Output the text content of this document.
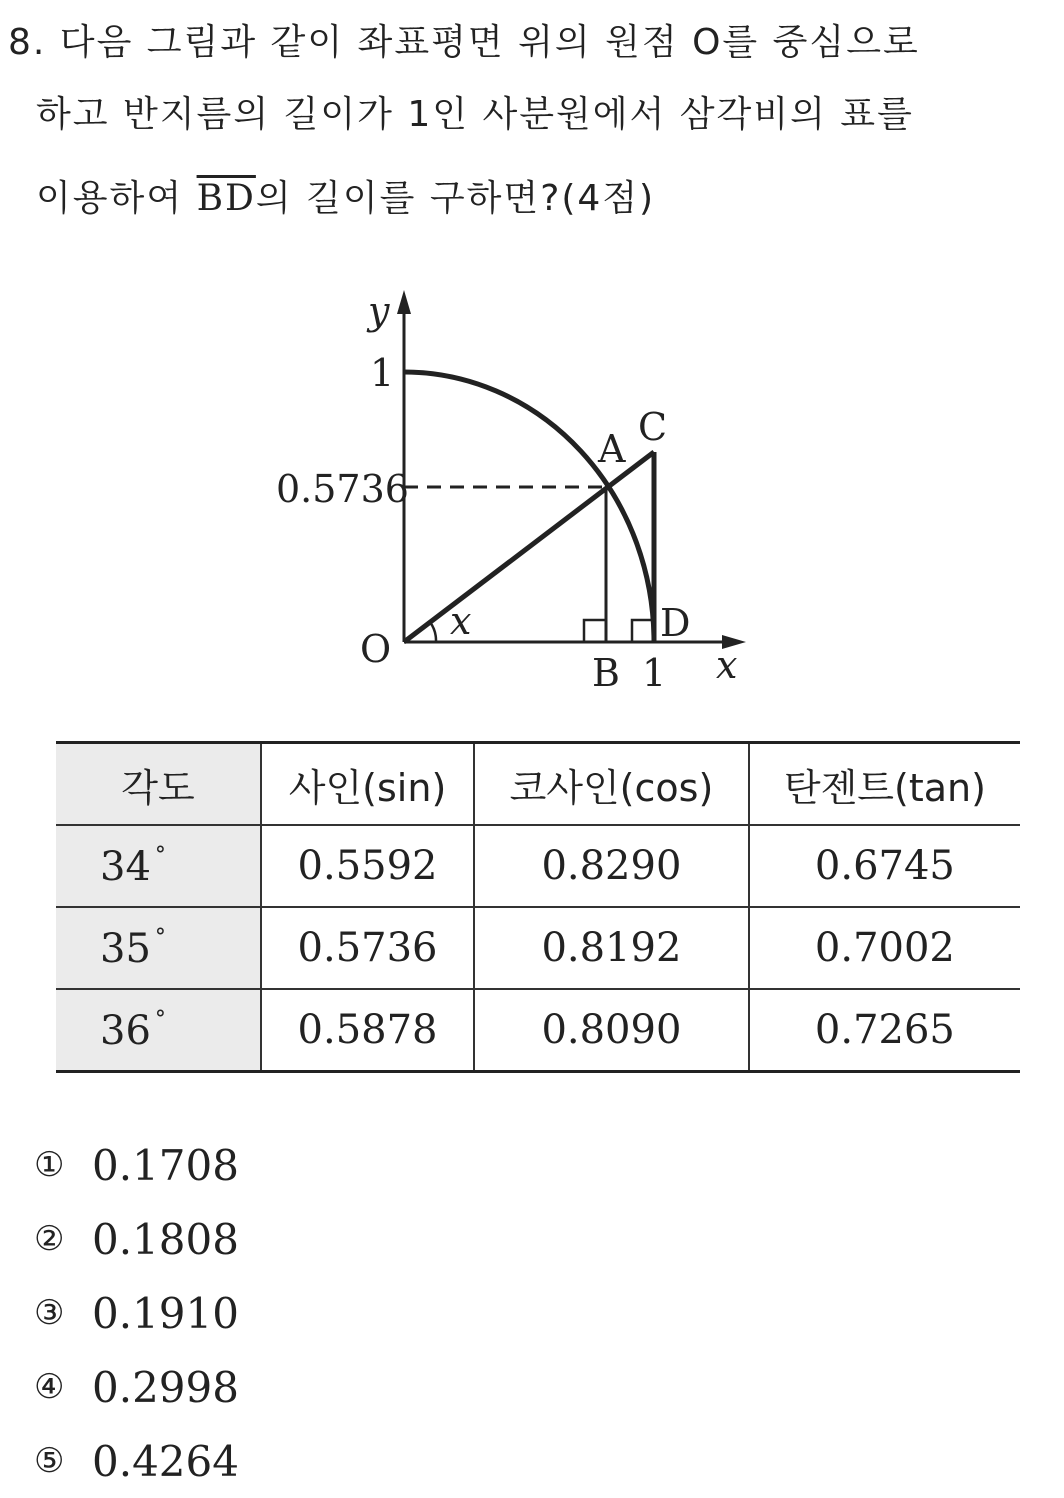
8. 다음 그림과 같이 좌표평면 위의 원점 O를 중심으로
하고 반지름의 길이가 1인 사분원에서 삼각비의 표를
이용하여 $\overline{BD}$의 길이를 구하면?(4점)
y
1
0.5736
O
x
A C
D
B 1 x
각도	사인(sin)	코사인(cos)	탄젠트(tan)
34 °	0.5592	0.8290	0.6745
35 °	0.5736	0.8192	0.7002
36 °	0.5878	0.8090	0.7265
① 0.1708
② 0.1808
③ 0.1910
④ 0.2998
⑤ 0.4264
